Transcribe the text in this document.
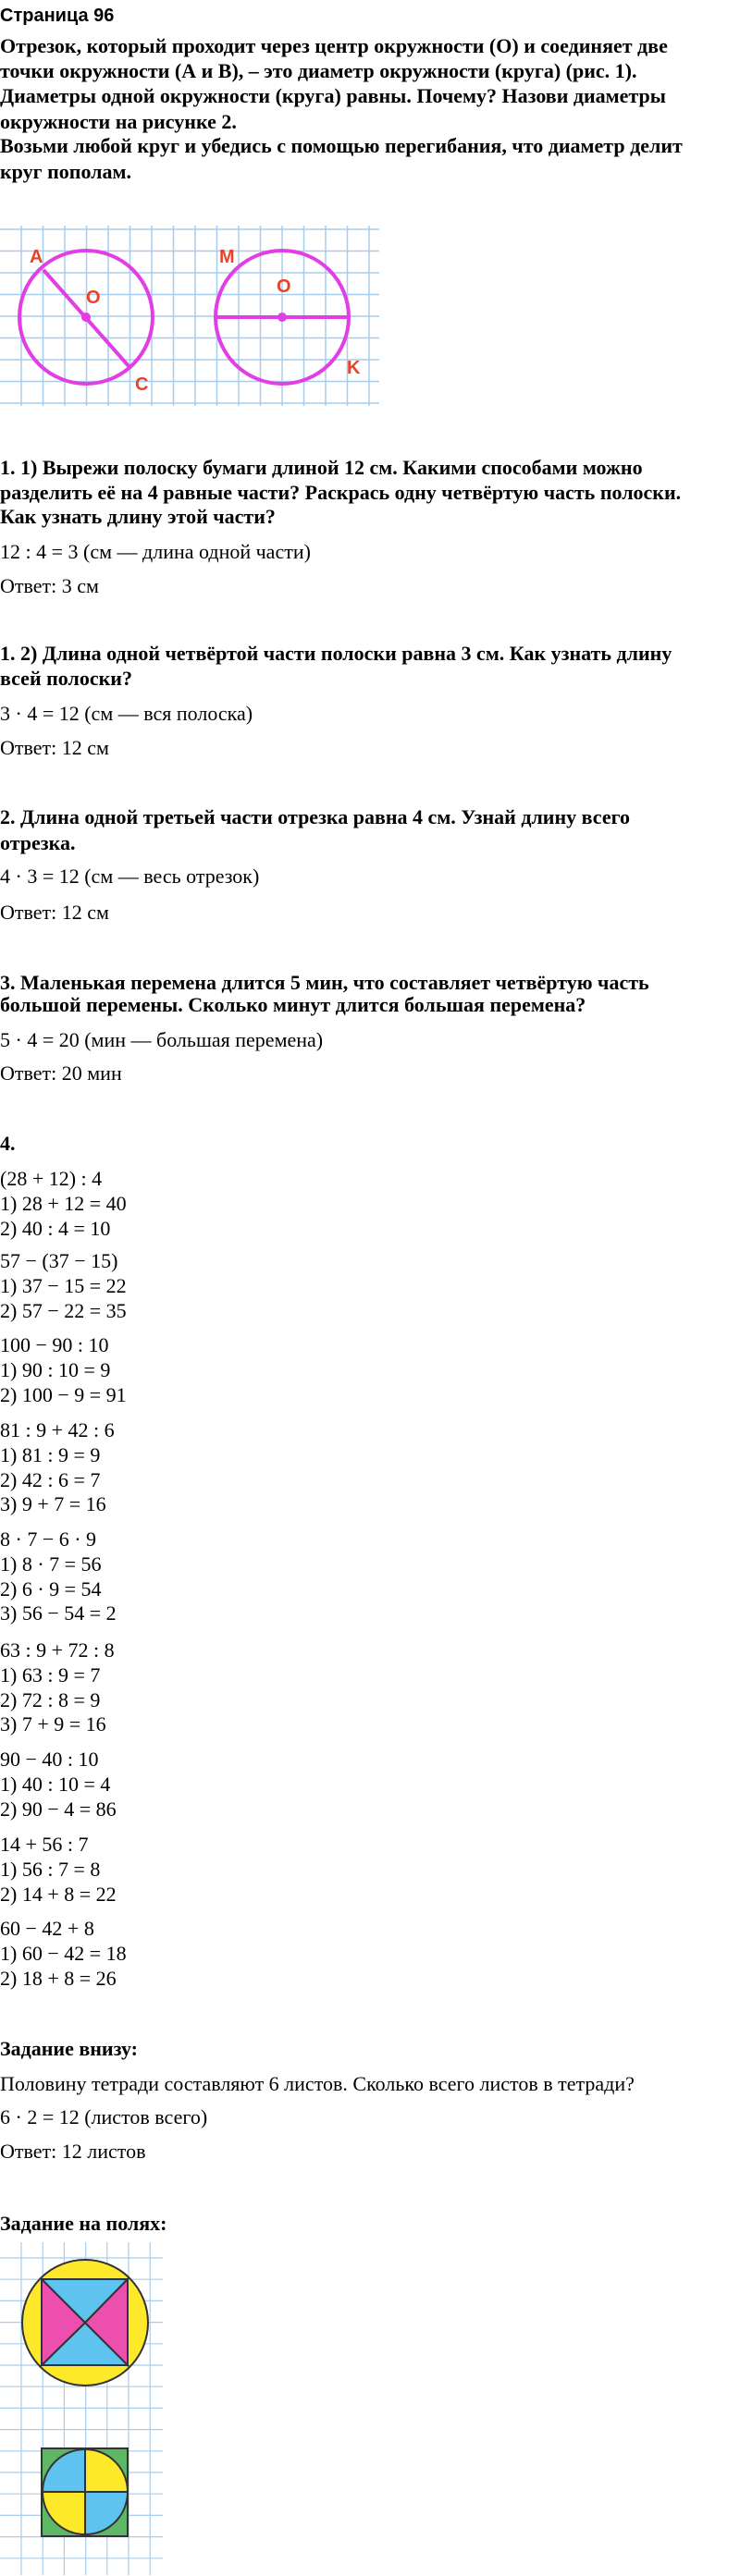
Страница 96
A
O
C
M
O
K
Отрезок, который проходит через центр окружности (О) и соединяет две
точки окружности (А и В), – это диаметр окружности (круга) (рис. 1).
Диаметры одной окружности (круга) равны. Почему? Назови диаметры
окружности на рисунке 2.
Возьми любой круг и убедись с помощью перегибания, что диаметр делит
круг пополам.
1. 1) Вырежи полоску бумаги длиной 12 см. Какими способами можно
разделить её на 4 равные части? Раскрась одну четвёртую часть полоски.
Как узнать длину этой части?
12 : 4 = 3 (см — длина одной части)
Ответ: 3 см
1. 2) Длина одной четвёртой части полоски равна 3 см. Как узнать длину
всей полоски?
3 · 4 = 12 (см — вся полоска)
Ответ: 12 см
2. Длина одной третьей части отрезка равна 4 см. Узнай длину всего
отрезка.
4 · 3 = 12 (см — весь отрезок)
Ответ: 12 см
3. Маленькая перемена длится 5 мин, что составляет четвёртую часть
большой перемены. Сколько минут длится большая перемена?
5 · 4 = 20 (мин — большая перемена)
Ответ: 20 мин
4.
(28 + 12) : 4
1) 28 + 12 = 40
2) 40 : 4 = 10
57 − (37 − 15)
1) 37 − 15 = 22
2) 57 − 22 = 35
100 − 90 : 10
1) 90 : 10 = 9
2) 100 − 9 = 91
81 : 9 + 42 : 6
1) 81 : 9 = 9
2) 42 : 6 = 7
3) 9 + 7 = 16
8 · 7 − 6 · 9
1) 8 · 7 = 56
2) 6 · 9 = 54
3) 56 − 54 = 2
63 : 9 + 72 : 8
1) 63 : 9 = 7
2) 72 : 8 = 9
3) 7 + 9 = 16
90 − 40 : 10
1) 40 : 10 = 4
2) 90 − 4 = 86
14 + 56 : 7
1) 56 : 7 = 8
2) 14 + 8 = 22
60 − 42 + 8
1) 60 − 42 = 18
2) 18 + 8 = 26
Задание внизу:
Половину тетради составляют 6 листов. Сколько всего листов в тетради?
6 · 2 = 12 (листов всего)
Ответ: 12 листов
Задание на полях:
